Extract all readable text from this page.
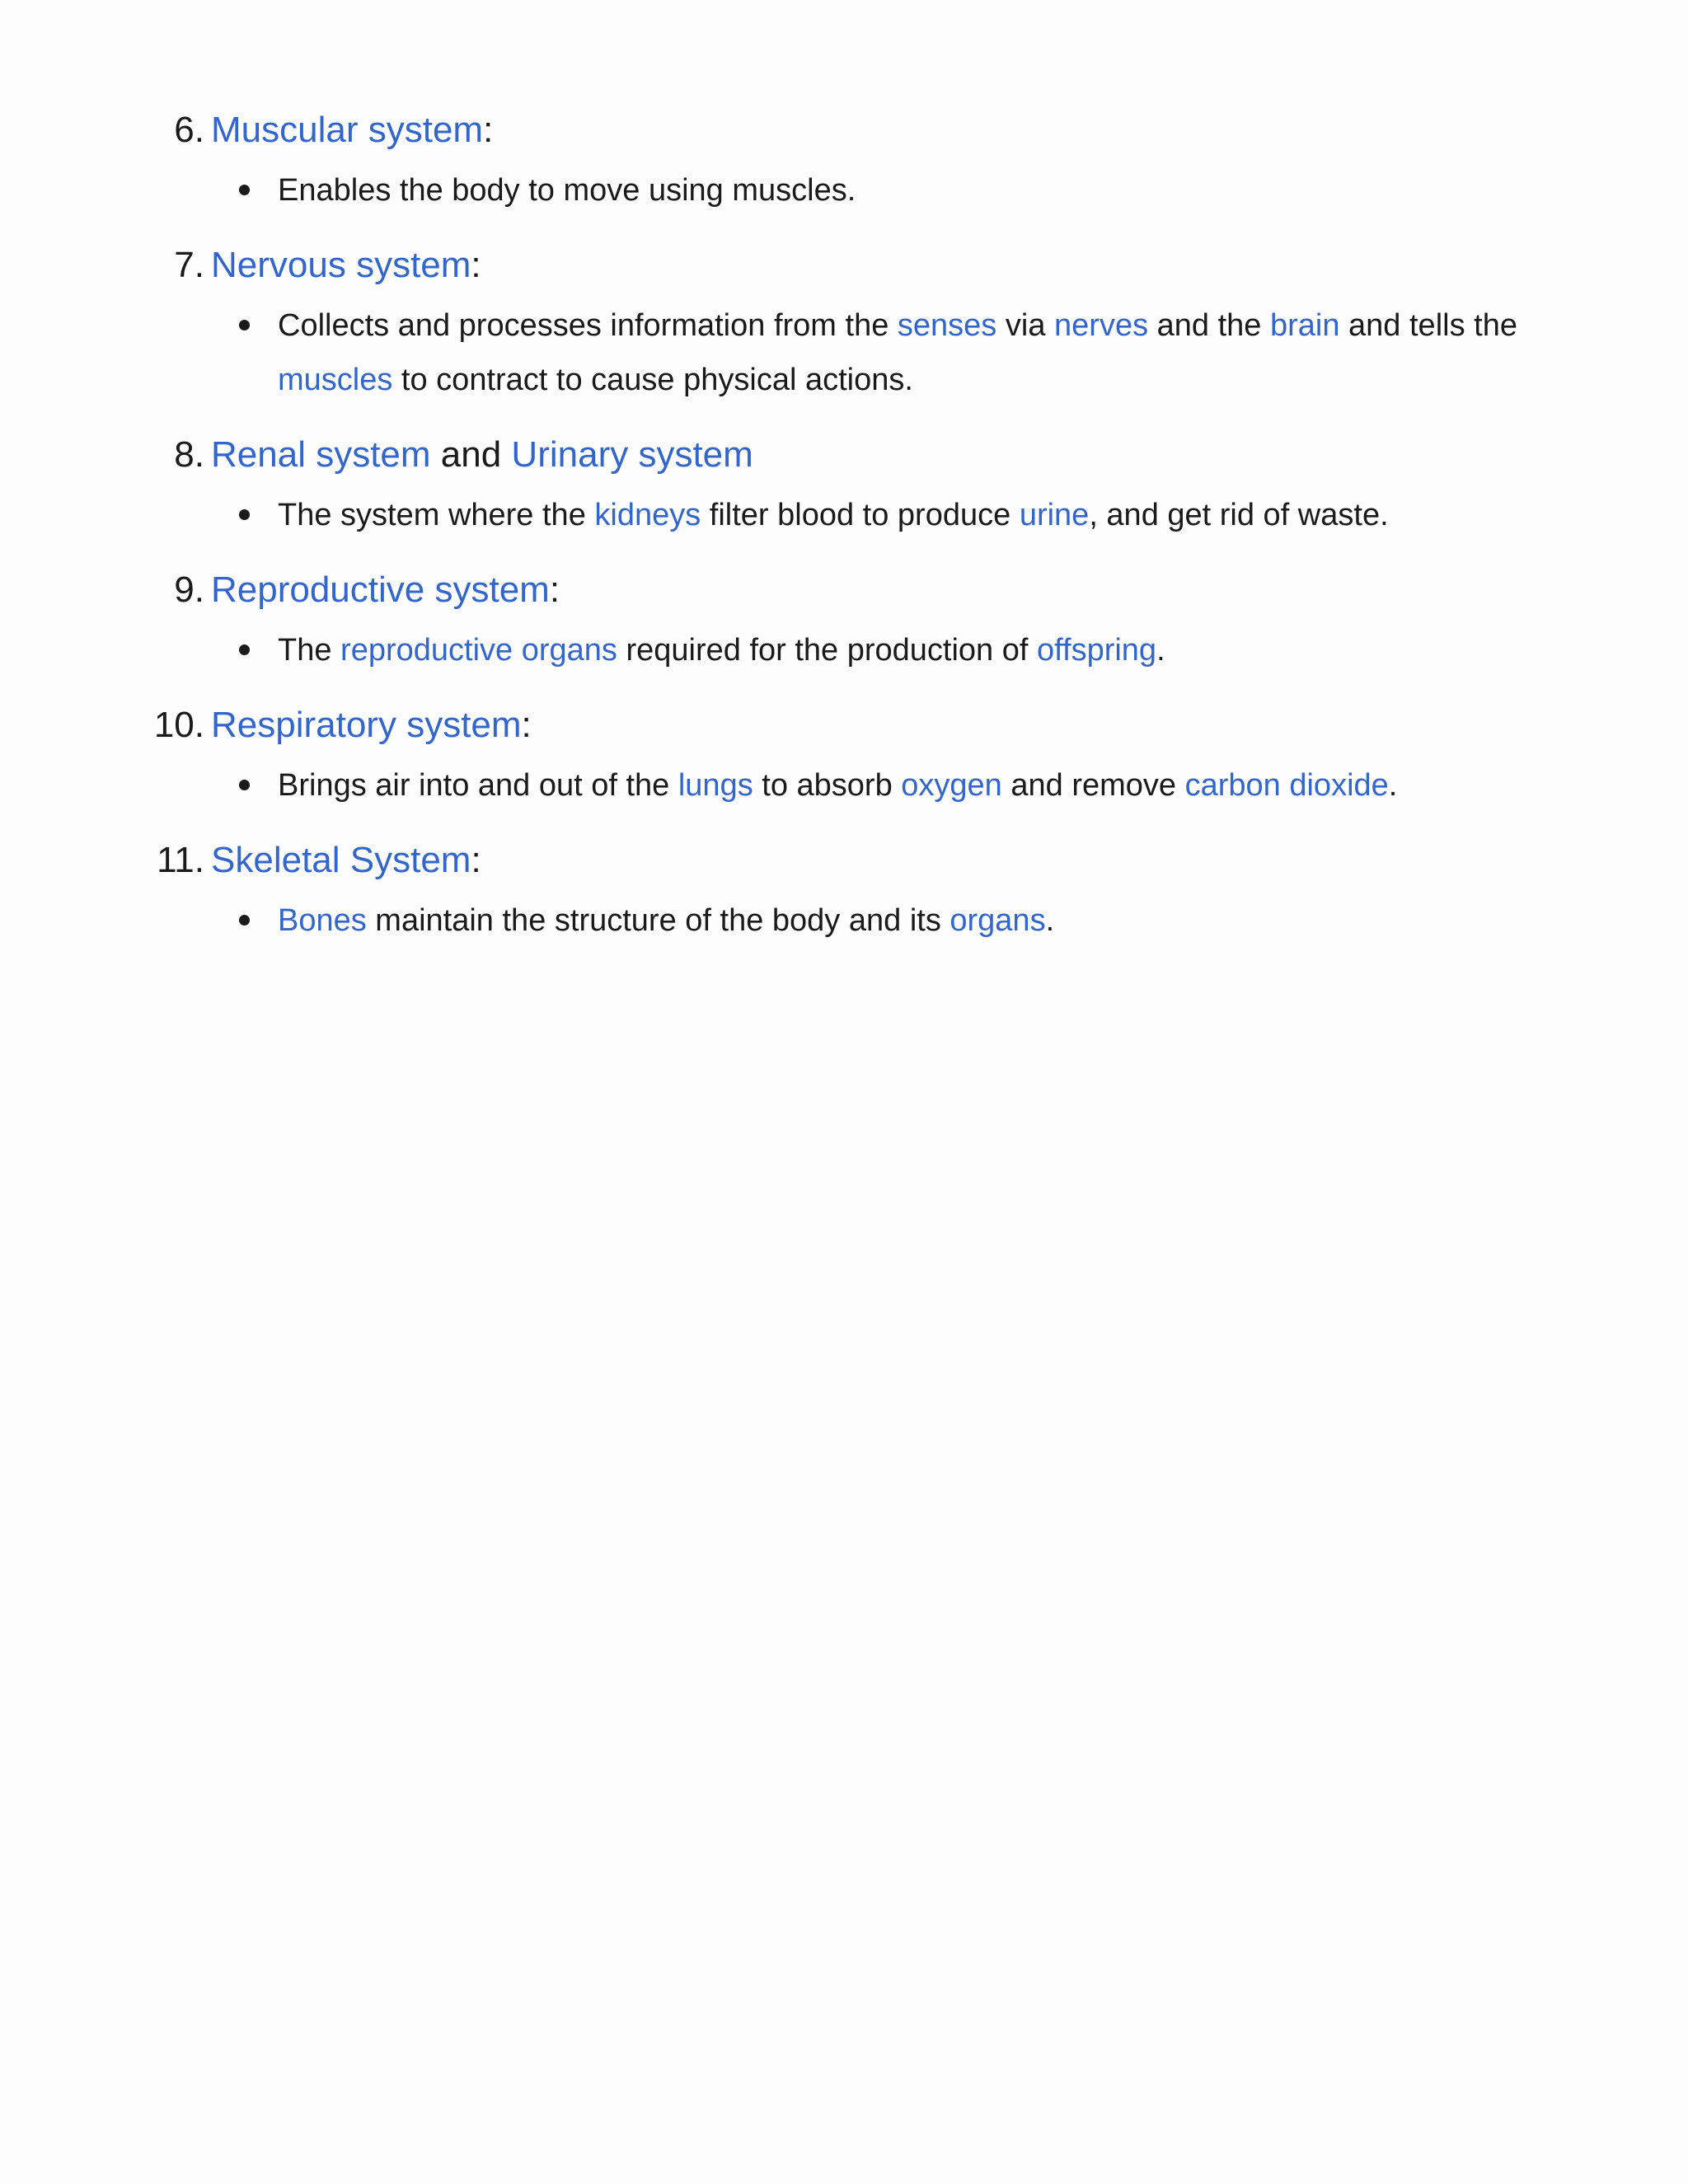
6. Muscular system:
Enables the body to move using muscles.
7. Nervous system:
Collects and processes information from the senses via nerves and the brain and tells the muscles to contract to cause physical actions.
8. Renal system and Urinary system
The system where the kidneys filter blood to produce urine, and get rid of waste.
9. Reproductive system:
The reproductive organs required for the production of offspring.
10. Respiratory system:
Brings air into and out of the lungs to absorb oxygen and remove carbon dioxide.
11. Skeletal System:
Bones maintain the structure of the body and its organs.
